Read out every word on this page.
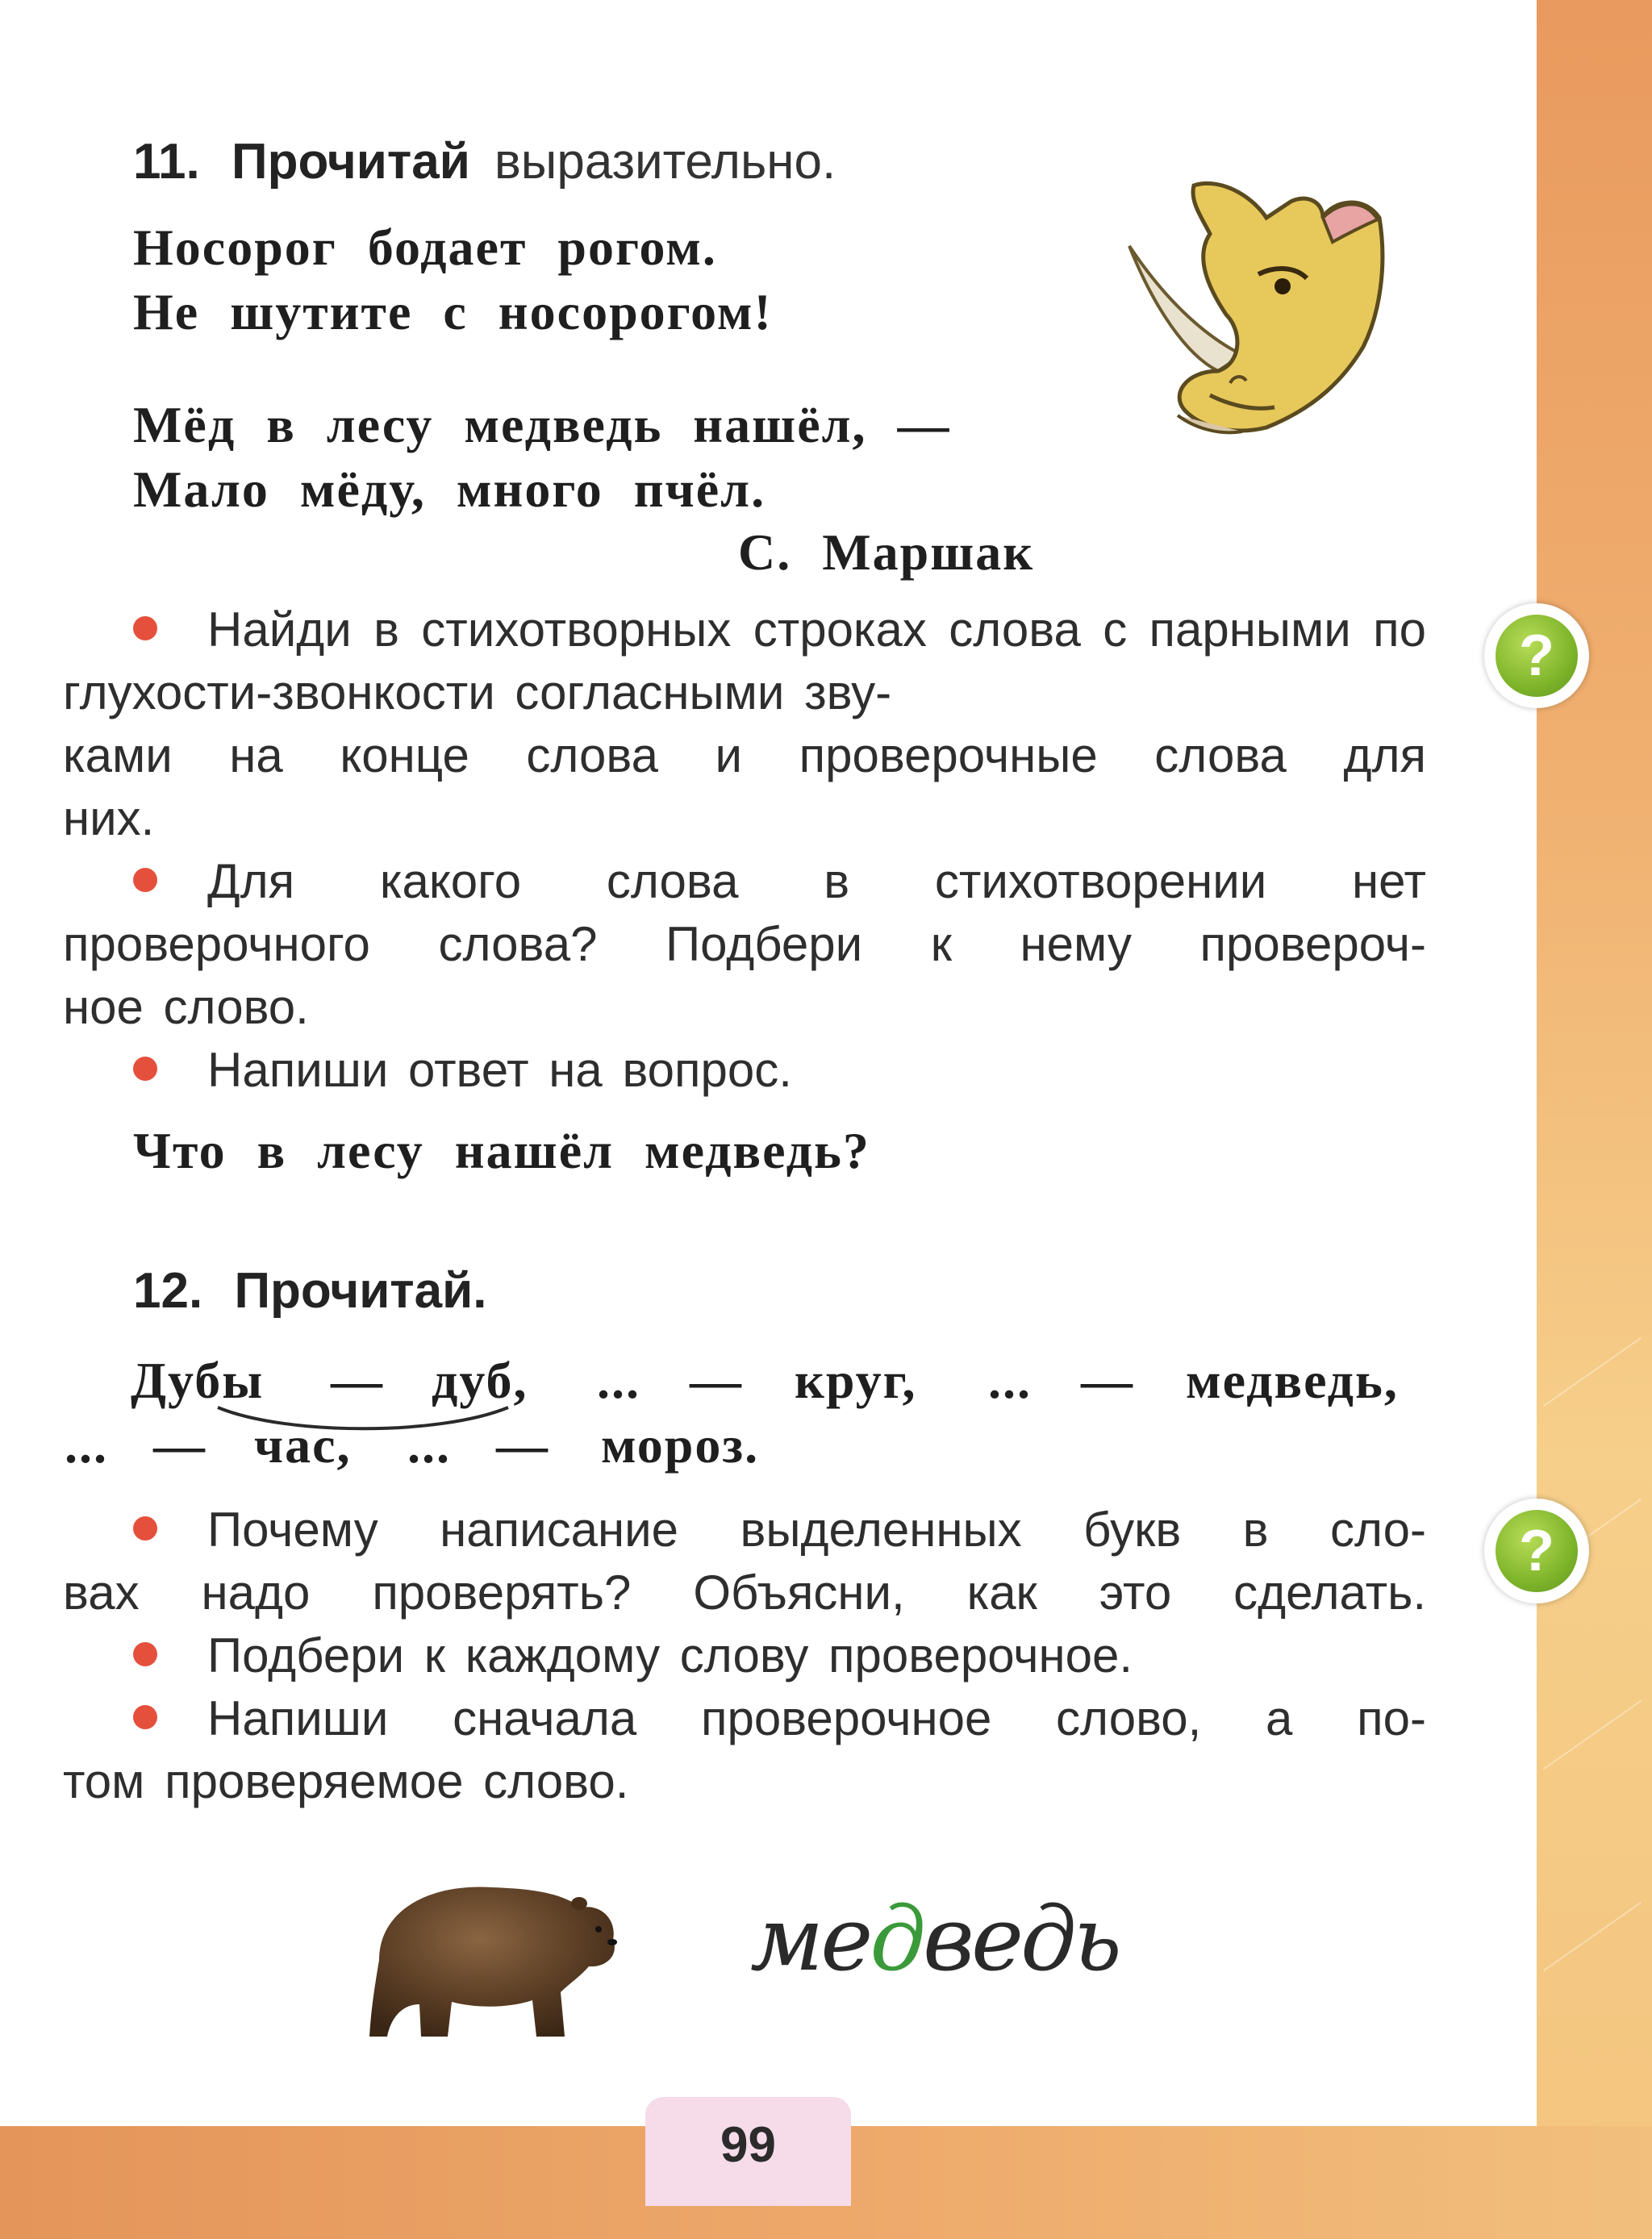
11. Прочитай выразительно.
Носорог бодает рогом.
Не шутите с носорогом!
Мёд в лесу медведь нашёл, —
Мало мёду, много пчёл.
С. Маршак
Найди в стихотворных строках слова с парными по глухости-звонкости согласными зву-
ками на конце слова и проверочные слова для
них.
Для какого слова в стихотворении нет
проверочного слова? Подбери к нему провероч-
ное слово.
Напиши ответ на вопрос.
Что в лесу нашёл медведь?
12. Прочитай.
Дубы — дуб, ... — круг, ... — медведь,
... — час, ... — мороз.
Почему написание выделенных букв в сло-
вах надо проверять? Объясни, как это сделать.
Подбери к каждому слову проверочное.
Напиши сначала проверочное слово, а по-
том проверяемое слово.
медведь
?
?
99
